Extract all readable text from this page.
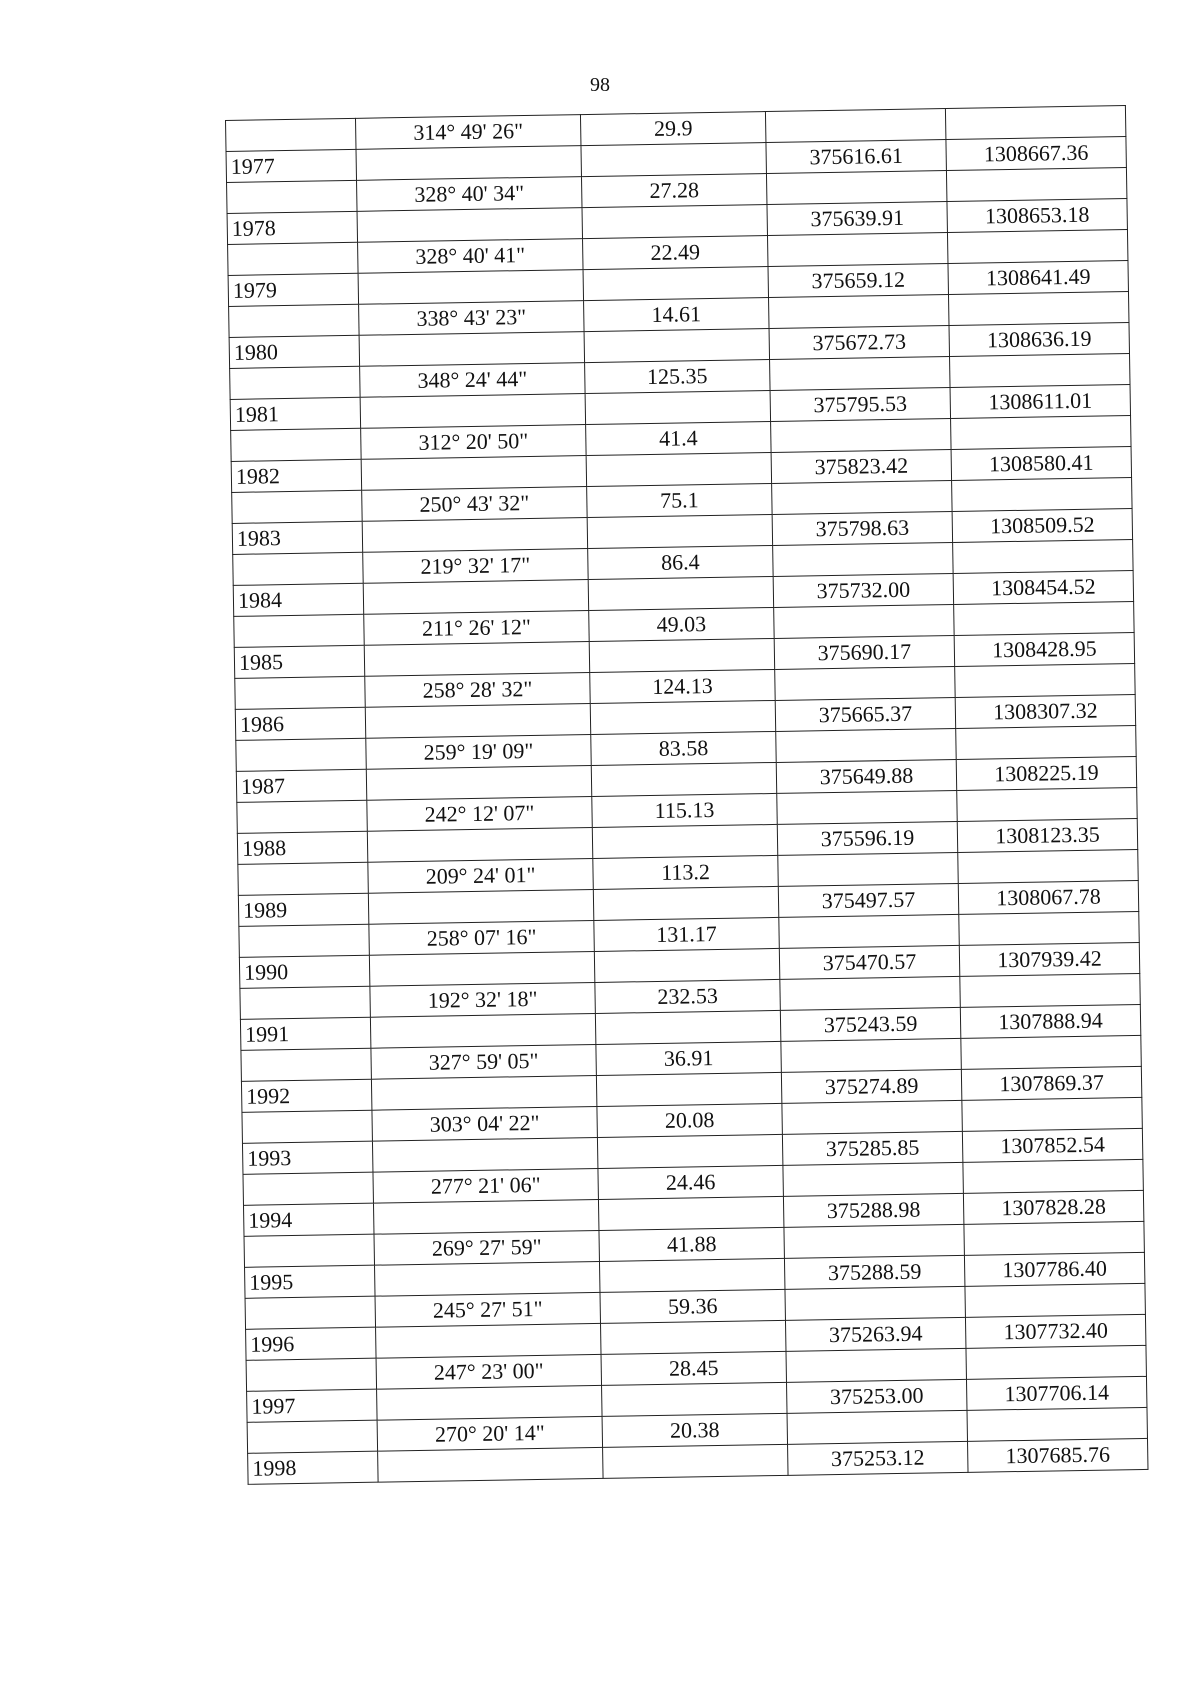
98
	314° 49' 26"	29.9		
1977			375616.61	1308667.36
	328° 40' 34"	27.28		
1978			375639.91	1308653.18
	328° 40' 41"	22.49		
1979			375659.12	1308641.49
	338° 43' 23"	14.61		
1980			375672.73	1308636.19
	348° 24' 44"	125.35		
1981			375795.53	1308611.01
	312° 20' 50"	41.4		
1982			375823.42	1308580.41
	250° 43' 32"	75.1		
1983			375798.63	1308509.52
	219° 32' 17"	86.4		
1984			375732.00	1308454.52
	211° 26' 12"	49.03		
1985			375690.17	1308428.95
	258° 28' 32"	124.13		
1986			375665.37	1308307.32
	259° 19' 09"	83.58		
1987			375649.88	1308225.19
	242° 12' 07"	115.13		
1988			375596.19	1308123.35
	209° 24' 01"	113.2		
1989			375497.57	1308067.78
	258° 07' 16"	131.17		
1990			375470.57	1307939.42
	192° 32' 18"	232.53		
1991			375243.59	1307888.94
	327° 59' 05"	36.91		
1992			375274.89	1307869.37
	303° 04' 22"	20.08		
1993			375285.85	1307852.54
	277° 21' 06"	24.46		
1994			375288.98	1307828.28
	269° 27' 59"	41.88		
1995			375288.59	1307786.40
	245° 27' 51"	59.36		
1996			375263.94	1307732.40
	247° 23' 00"	28.45		
1997			375253.00	1307706.14
	270° 20' 14"	20.38		
1998			375253.12	1307685.76
